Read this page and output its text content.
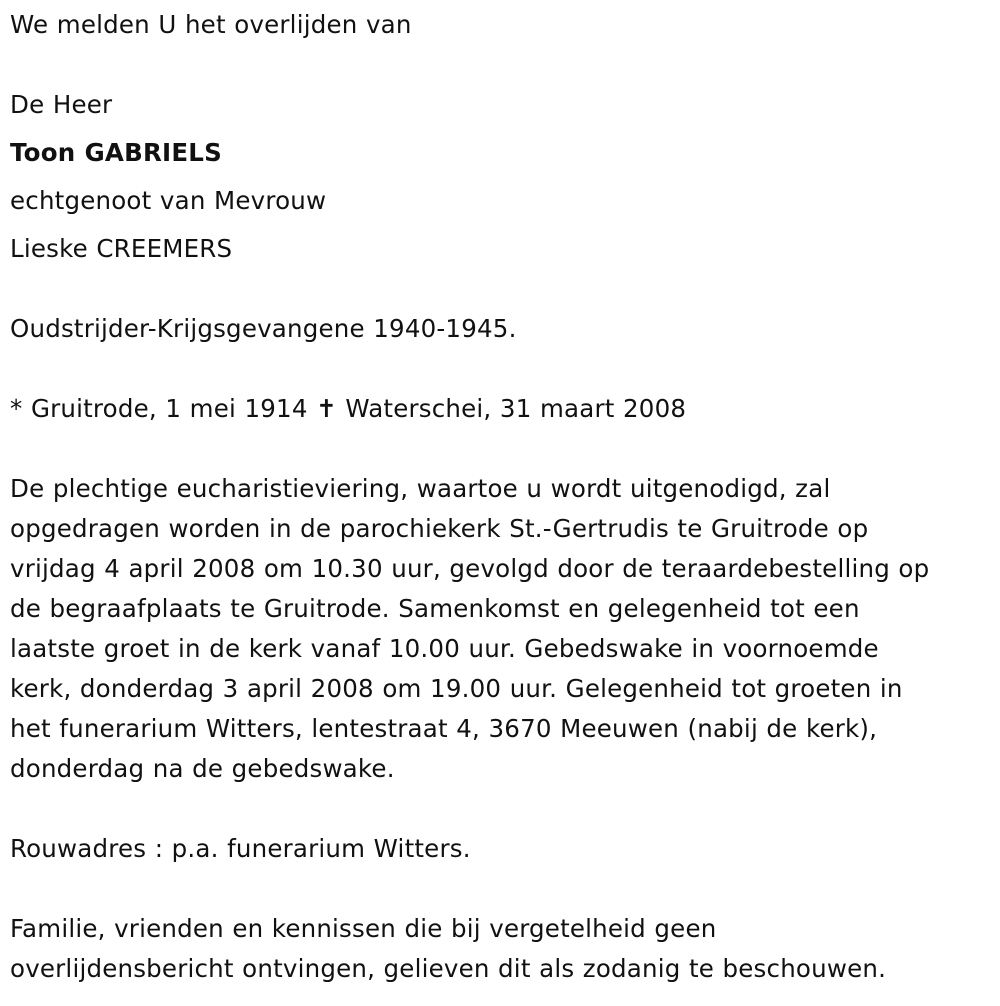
We melden U het overlijden van
De Heer
Toon GABRIELS
echtgenoot van Mevrouw
Lieske CREEMERS
Oudstrijder-Krijgsgevangene 1940-1945.
* Gruitrode, 1 mei 1914 ✝ Waterschei, 31 maart 2008
De plechtige eucharistieviering, waartoe u wordt uitgenodigd, zal
opgedragen worden in de parochiekerk St.-Gertrudis te Gruitrode op
vrijdag 4 april 2008 om 10.30 uur, gevolgd door de teraardebestelling op
de begraafplaats te Gruitrode. Samenkomst en gelegenheid tot een
laatste groet in de kerk vanaf 10.00 uur. Gebedswake in voornoemde
kerk, donderdag 3 april 2008 om 19.00 uur. Gelegenheid tot groeten in
het funerarium Witters, lentestraat 4, 3670 Meeuwen (nabij de kerk),
donderdag na de gebedswake.
Rouwadres : p.a. funerarium Witters.
Familie, vrienden en kennissen die bij vergetelheid geen
overlijdensbericht ontvingen, gelieven dit als zodanig te beschouwen.
